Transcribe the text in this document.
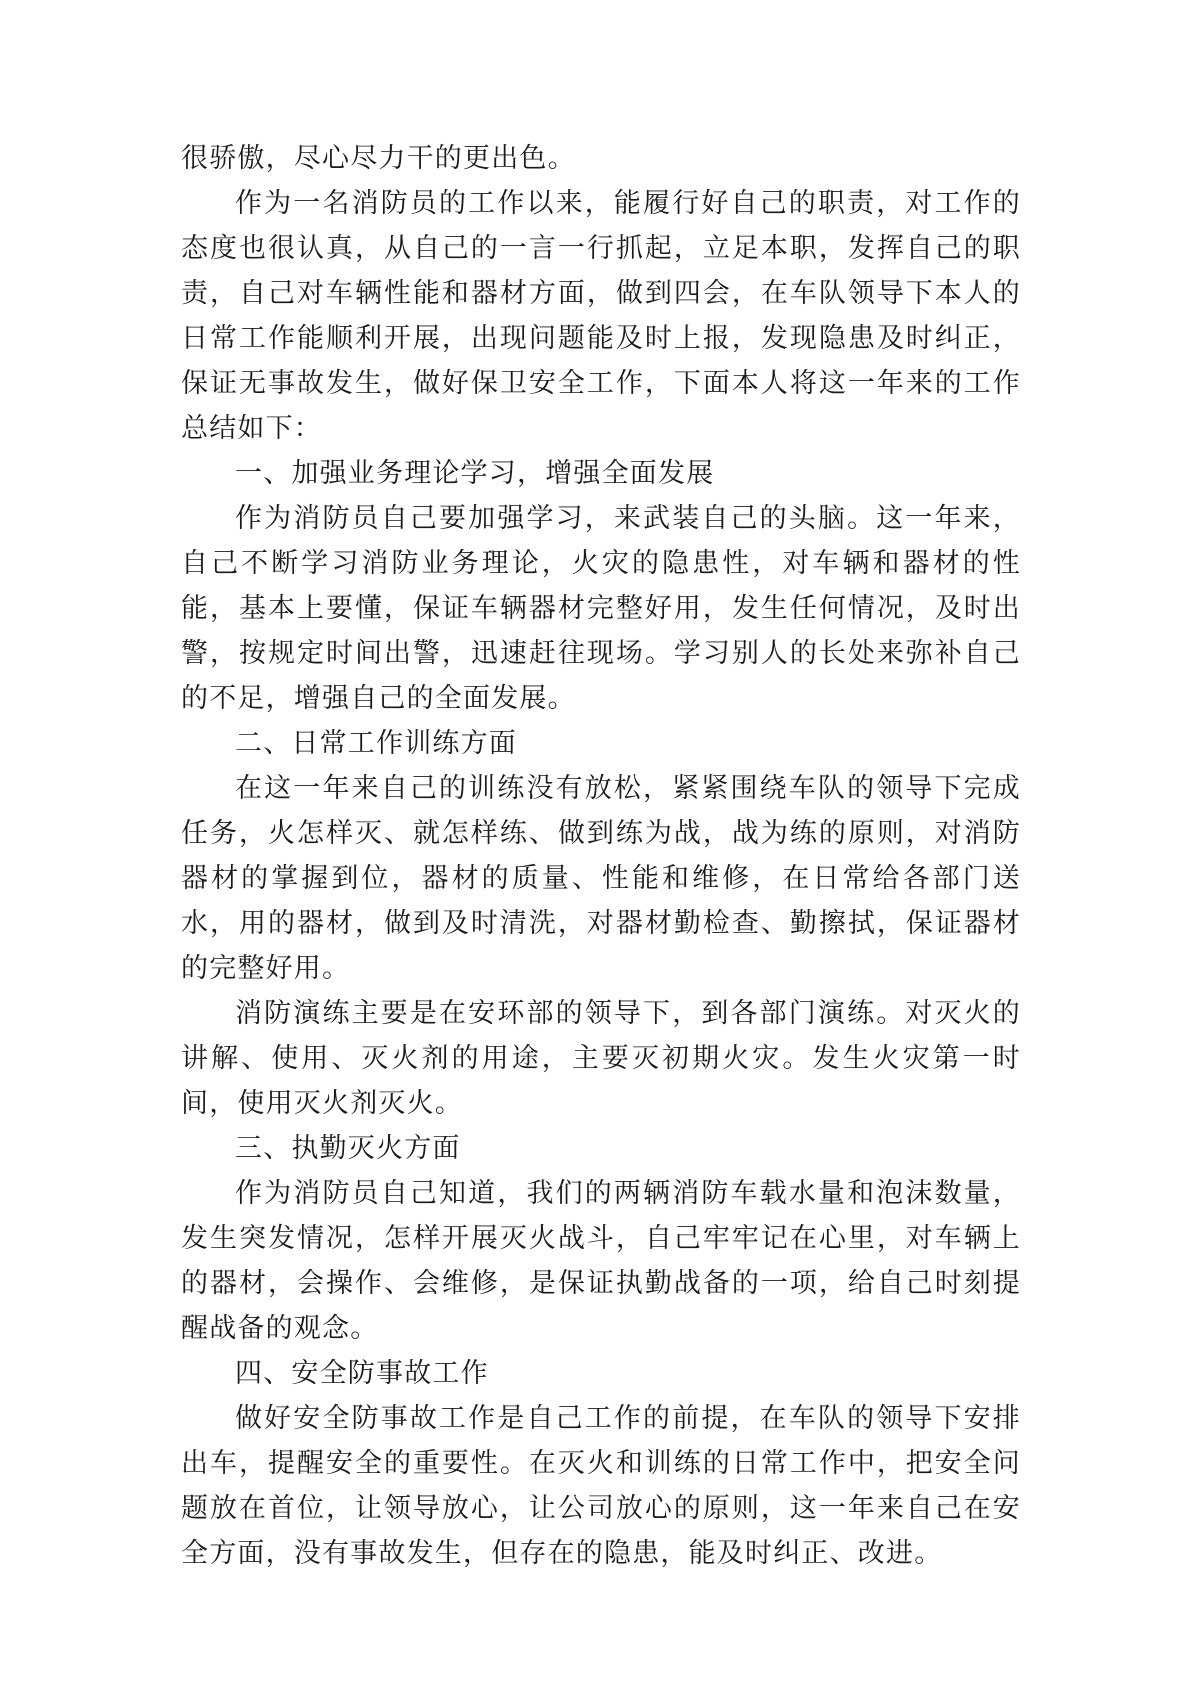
很骄傲，尽心尽力干的更出色。

作为一名消防员的工作以来，能履行好自己的职责，对工作的态度也很认真，从自己的一言一行抓起，立足本职，发挥自己的职责，自己对车辆性能和器材方面，做到四会，在车队领导下本人的日常工作能顺利开展，出现问题能及时上报，发现隐患及时纠正，保证无事故发生，做好保卫安全工作，下面本人将这一年来的工作总结如下：

一、加强业务理论学习，增强全面发展

作为消防员自己要加强学习，来武装自己的头脑。这一年来，自己不断学习消防业务理论，火灾的隐患性，对车辆和器材的性能，基本上要懂，保证车辆器材完整好用，发生任何情况，及时出警，按规定时间出警，迅速赶往现场。学习别人的长处来弥补自己的不足，增强自己的全面发展。

二、日常工作训练方面

在这一年来自己的训练没有放松，紧紧围绕车队的领导下完成任务，火怎样灭、就怎样练、做到练为战，战为练的原则，对消防器材的掌握到位，器材的质量、性能和维修，在日常给各部门送水，用的器材，做到及时清洗，对器材勤检查、勤擦拭，保证器材的完整好用。

消防演练主要是在安环部的领导下，到各部门演练。对灭火的讲解、使用、灭火剂的用途，主要灭初期火灾。发生火灾第一时间，使用灭火剂灭火。

三、执勤灭火方面

作为消防员自己知道，我们的两辆消防车载水量和泡沫数量，发生突发情况，怎样开展灭火战斗，自己牢牢记在心里，对车辆上的器材，会操作、会维修，是保证执勤战备的一项，给自己时刻提醒战备的观念。

四、安全防事故工作

做好安全防事故工作是自己工作的前提，在车队的领导下安排出车，提醒安全的重要性。在灭火和训练的日常工作中，把安全问题放在首位，让领导放心，让公司放心的原则，这一年来自己在安全方面，没有事故发生，但存在的隐患，能及时纠正、改进。
